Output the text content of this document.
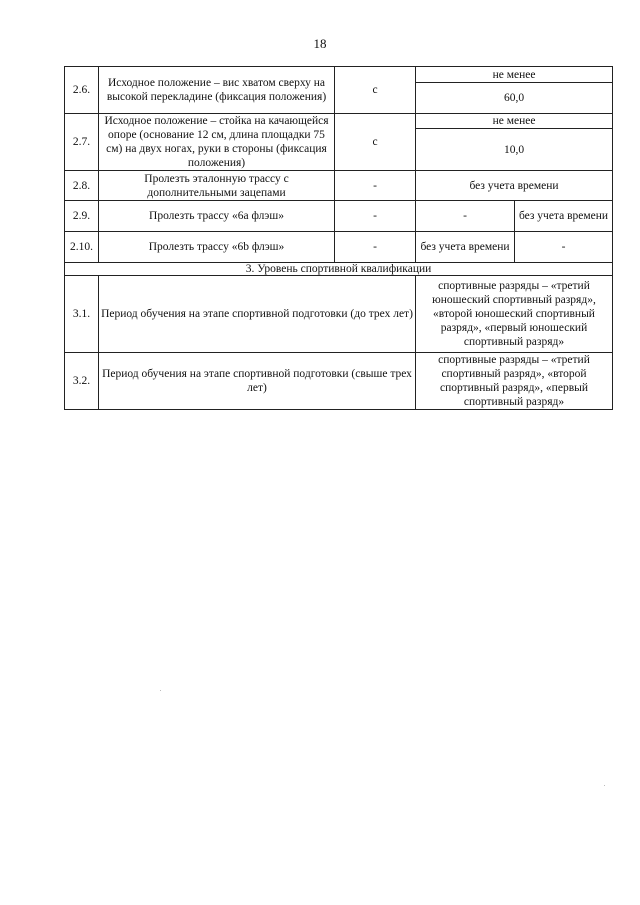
18
2.6.	Исходное положение – вис хватом сверху на высокой перекладине (фиксация положения)	с	не менее	
			60,0	
2.7.	Исходное положение – стойка на качающейся опоре (основание 12 см, длина площадки 75 см) на двух ногах, руки в стороны (фиксация положения)	с	не менее	
			10,0	
2.8.	Пролезть эталонную трассу с дополнительными зацепами	-	без учета времени	
2.9.	Пролезть трассу «6а флэш»	-	-	без учета времени
2.10.	Пролезть трассу «6b флэш»	-	без учета времени	-
3. Уровень спортивной квалификации				
3.1.	Период обучения на этапе спортивной подготовки (до трех лет)		спортивные разряды – «третий юношеский спортивный разряд», «второй юношеский спортивный разряд», «первый юношеский спортивный разряд»	
3.2.	Период обучения на этапе спортивной подготовки (свыше трех лет)		спортивные разряды – «третий спортивный разряд», «второй спортивный разряд», «первый спортивный разряд»	
